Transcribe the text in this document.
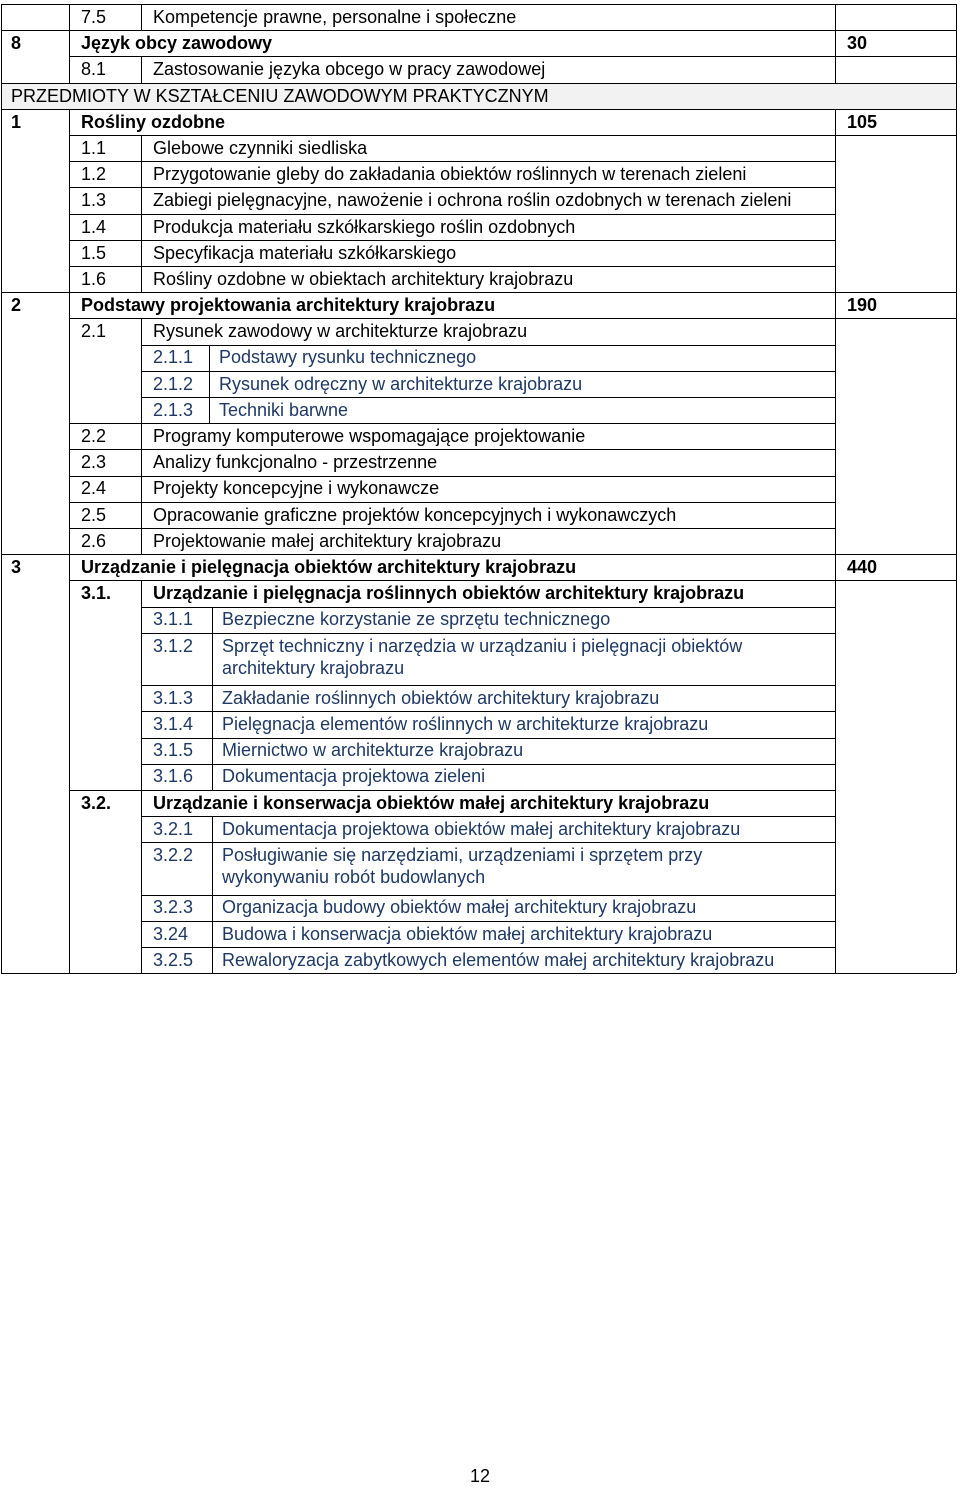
7.5	Kompetencje prawne, personalne i społeczne
8	Język obcy zawodowy	30
8.1	Zastosowanie języka obcego w pracy zawodowej
PRZEDMIOTY W KSZTAŁCENIU ZAWODOWYM PRAKTYCZNYM
1	Rośliny ozdobne	105
1.1	Glebowe czynniki siedliska
1.2	Przygotowanie gleby do zakładania obiektów roślinnych w terenach zieleni
1.3	Zabiegi pielęgnacyjne, nawożenie i ochrona roślin ozdobnych w terenach zieleni
1.4	Produkcja materiału szkółkarskiego roślin ozdobnych
1.5	Specyfikacja materiału szkółkarskiego
1.6	Rośliny ozdobne w obiektach architektury krajobrazu
2	Podstawy projektowania architektury krajobrazu	190
2.1	Rysunek zawodowy w architekturze krajobrazu
2.1.1 Podstawy rysunku technicznego
2.1.2 Rysunek odręczny w architekturze krajobrazu
2.1.3 Techniki barwne
2.2	Programy komputerowe wspomagające projektowanie
2.3	Analizy funkcjonalno - przestrzenne
2.4	Projekty koncepcyjne i wykonawcze
2.5	Opracowanie graficzne projektów koncepcyjnych i wykonawczych
2.6	Projektowanie małej architektury krajobrazu
3	Urządzanie i pielęgnacja obiektów architektury krajobrazu	440
3.1. Urządzanie i pielęgnacja roślinnych obiektów architektury krajobrazu
3.1.1 Bezpieczne korzystanie ze sprzętu technicznego
3.1.2 Sprzęt techniczny i narzędzia w urządzaniu i pielęgnacji obiektów architektury krajobrazu
3.1.3 Zakładanie roślinnych obiektów architektury krajobrazu
3.1.4 Pielęgnacja elementów roślinnych w architekturze krajobrazu
3.1.5 Miernictwo w architekturze krajobrazu
3.1.6 Dokumentacja projektowa zieleni
3.2. Urządzanie i konserwacja obiektów małej architektury krajobrazu
3.2.1 Dokumentacja projektowa obiektów małej architektury krajobrazu
3.2.2 Posługiwanie się narzędziami, urządzeniami i sprzętem przy wykonywaniu robót budowlanych
3.2.3 Organizacja budowy obiektów małej architektury krajobrazu
3.24 Budowa i konserwacja obiektów małej architektury krajobrazu
3.2.5 Rewaloryzacja zabytkowych elementów małej architektury krajobrazu
12
